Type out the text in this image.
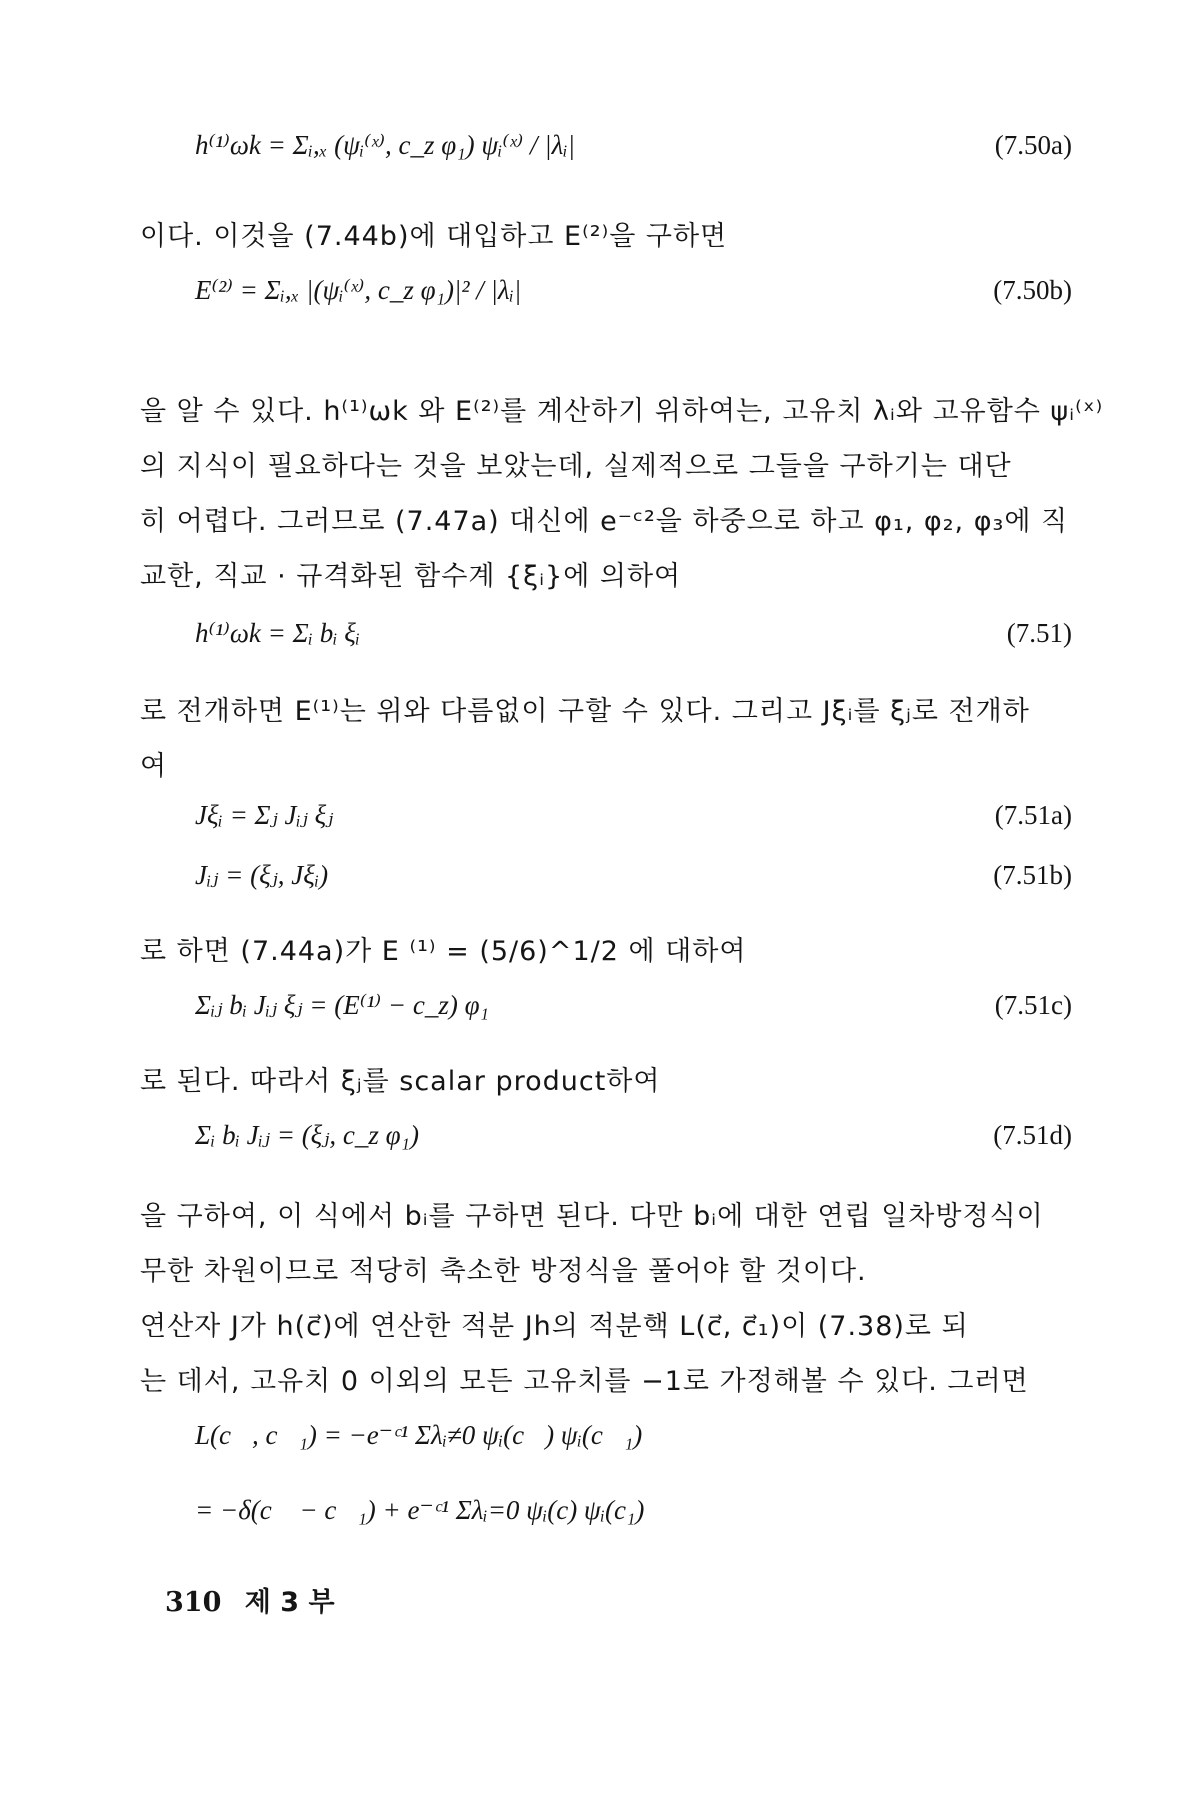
h⁽¹⁾ωk = Σᵢ,ₓ (ψᵢ⁽ˣ⁾, c_z φ₁) ψᵢ⁽ˣ⁾ / |λᵢ|	(7.50a)
이다. 이것을 (7.44b)에 대입하고 E⁽²⁾을 구하면
E⁽²⁾ = Σᵢ,ₓ |(ψᵢ⁽ˣ⁾, c_z φ₁)|² / |λᵢ|	(7.50b)
을 알 수 있다. h⁽¹⁾ωk 와 E⁽²⁾를 계산하기 위하여는, 고유치 λᵢ와 고유함수 ψᵢ⁽ˣ⁾
의 지식이 필요하다는 것을 보았는데, 실제적으로 그들을 구하기는 대단
히 어렵다. 그러므로 (7.47a) 대신에 e⁻ᶜ²을 하중으로 하고 φ₁, φ₂, φ₃에 직
교한, 직교 · 규격화된 함수계 {ξᵢ}에 의하여
h⁽¹⁾ωk = Σᵢ bᵢ ξᵢ	(7.51)
로 전개하면 E⁽¹⁾는 위와 다름없이 구할 수 있다. 그리고 Jξᵢ를 ξⱼ로 전개하
여
Jξᵢ = Σⱼ Jᵢⱼ ξⱼ	(7.51a)
Jᵢⱼ = (ξⱼ, Jξᵢ)	(7.51b)
로 하면 (7.44a)가 E ⁽¹⁾ = (5/6)^1/2 에 대하여
Σᵢⱼ bᵢ Jᵢⱼ ξⱼ = (E⁽¹⁾ − c_z) φ₁	(7.51c)
로 된다. 따라서 ξⱼ를 scalar product하여
Σᵢ bᵢ Jᵢⱼ = (ξⱼ, c_z φ₁)	(7.51d)
을 구하여, 이 식에서 bᵢ를 구하면 된다. 다만 bᵢ에 대한 연립 일차방정식이
무한 차원이므로 적당히 축소한 방정식을 풀어야 할 것이다.
연산자 J가 h(c⃗)에 연산한 적분 Jh의 적분핵 L(c⃗, c⃗₁)이 (7.38)로 되
는 데서, 고유치 0 이외의 모든 고유치를 −1로 가정해볼 수 있다. 그러면
L(c⃗, c⃗₁) = −e⁻ᶜ¹ Σλᵢ≠0 ψᵢ(c⃗) ψᵢ(c⃗₁)
= −δ(c⃗ − c⃗₁) + e⁻ᶜ¹ Σλᵢ=0 ψᵢ(c) ψᵢ(c₁)
310 제 3 부
